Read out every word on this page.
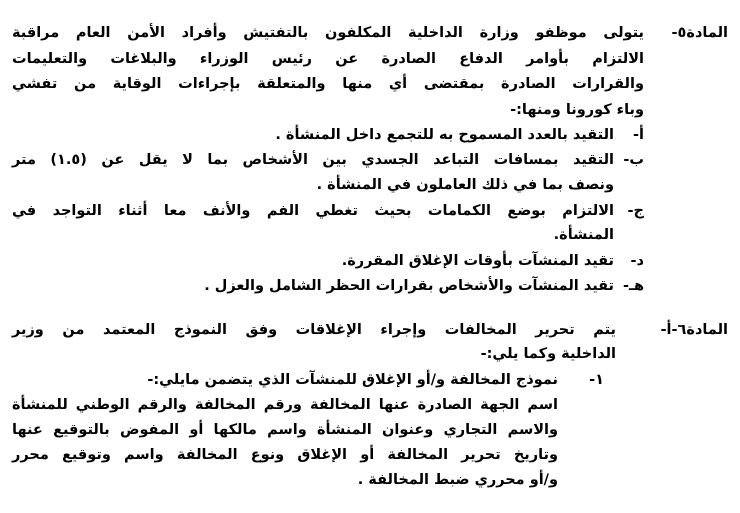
المادة٥-
يتولى موظفو وزارة الداخلية المكلفون بالتفتيش وأفراد الأمن العام مراقبة
الالتزام بأوامر الدفاع الصادرة عن رئيس الوزراء والبلاغات والتعليمات
والقرارات الصادرة بمقتضى أي منها والمتعلقة بإجراءات الوقاية من تفشي
وباء كورونا ومنها:-
أ-
التقيد بالعدد المسموح به للتجمع داخل المنشأة .
ب-
التقيد بمسافات التباعد الجسدي بين الأشخاص بما لا يقل عن (١.٥) متر
ونصف بما في ذلك العاملون في المنشأة .
ج-
الالتزام بوضع الكمامات بحيث تغطي الفم والأنف معا أثناء التواجد في
المنشأة.
د-
تقيد المنشآت بأوقات الإغلاق المقررة.
هـ-
تقيد المنشآت والأشخاص بقرارات الحظر الشامل والعزل .
المادة٦-أ-
يتم تحرير المخالفات وإجراء الإغلاقات وفق النموذج المعتمد من وزير
الداخلية وكما يلي:-
١-
نموذج المخالفة و/أو الإغلاق للمنشآت الذي يتضمن مايلي:-
اسم الجهة الصادرة عنها المخالفة ورقم المخالفة والرقم الوطني للمنشأة
والاسم التجاري وعنوان المنشأة واسم مالكها أو المفوض بالتوقيع عنها
وتاريخ تحرير المخالفة أو الإغلاق ونوع المخالفة واسم وتوقيع محرر
و/أو محرري ضبط المخالفة .
